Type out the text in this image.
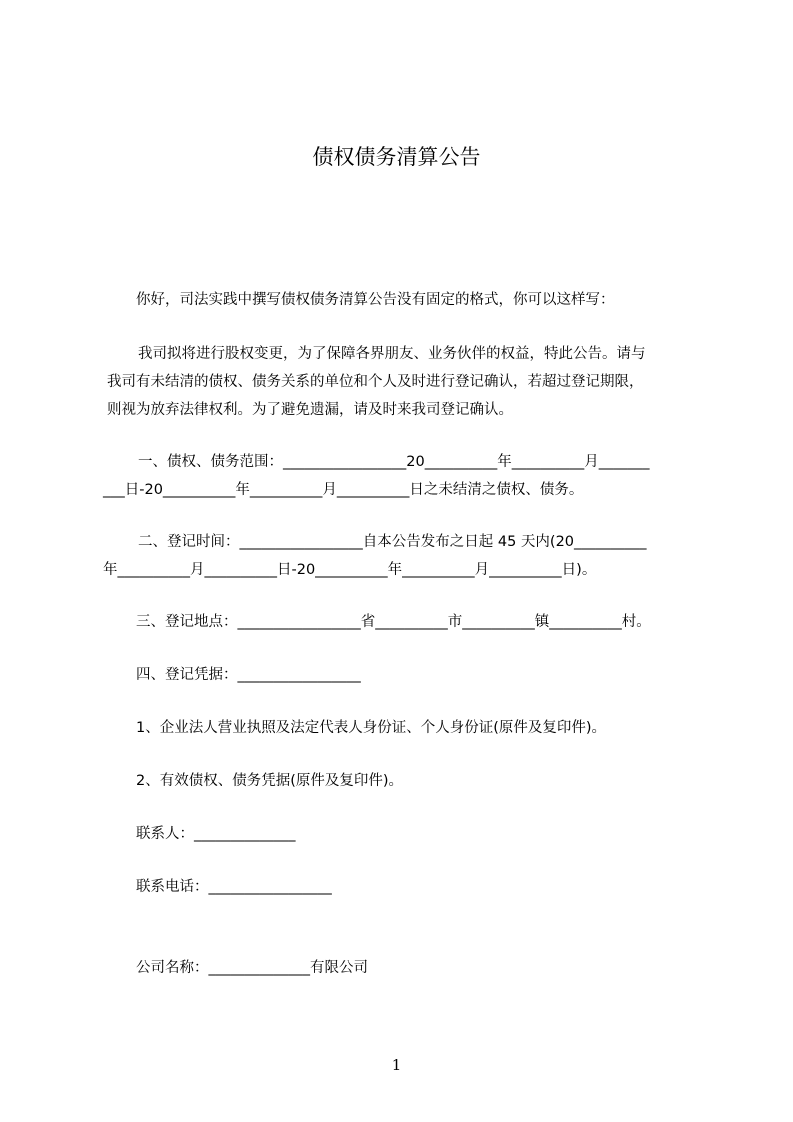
债权债务清算公告
你好，司法实践中撰写债权债务清算公告没有固定的格式，你可以这样写：
我司拟将进行股权变更，为了保障各界朋友、业务伙伴的权益，特此公告。请与
我司有未结清的债权、债务关系的单位和个人及时进行登记确认，若超过登记期限，
则视为放弃法律权利。为了避免遗漏，请及时来我司登记确认。
一、债权、债务范围：_________________20__________年__________月_______
___日-20__________年__________月__________日之未结清之债权、债务。
二、登记时间：_________________自本公告发布之日起 45 天内(20__________
年__________月__________日-20__________年__________月__________日)。
三、登记地点：_________________省__________市__________镇__________村。
四、登记凭据：_________________
1、企业法人营业执照及法定代表人身份证、个人身份证(原件及复印件)。
2、有效债权、债务凭据(原件及复印件)。
联系人：______________
联系电话：_________________
公司名称：______________有限公司
1
